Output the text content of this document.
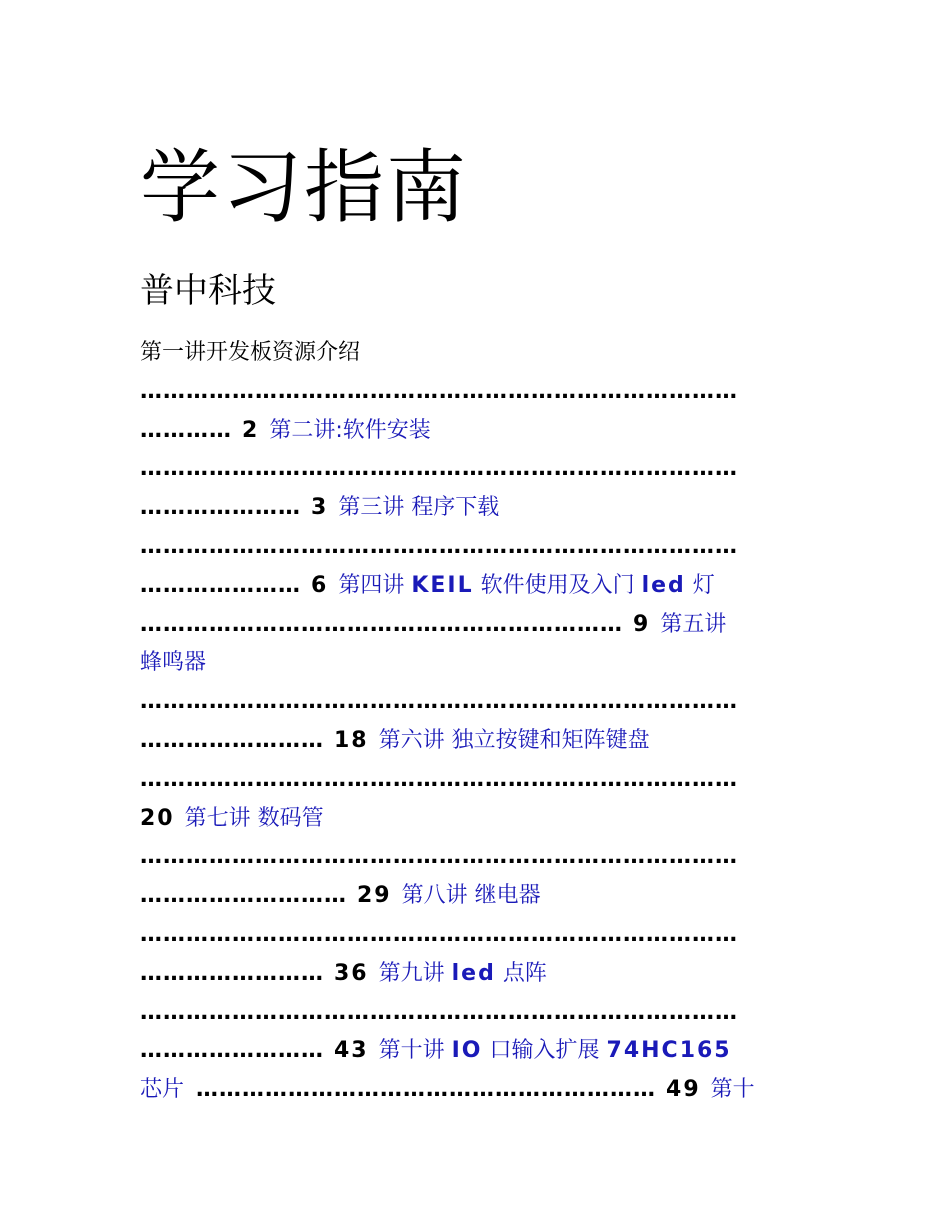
学习指南
普中科技
第一讲开发板资源介绍
……………………………………………………………………
………… 2 第二讲:软件安装
……………………………………………………………………
………………… 3 第三讲 程序下载
……………………………………………………………………
………………… 6 第四讲 KEIL 软件使用及入门 led 灯
……………………………………………………… 9 第五讲
蜂鸣器
……………………………………………………………………
…………………… 18 第六讲 独立按键和矩阵键盘
……………………………………………………………………
20 第七讲 数码管
……………………………………………………………………
……………………… 29 第八讲 继电器
……………………………………………………………………
…………………… 36 第九讲 led 点阵
……………………………………………………………………
…………………… 43 第十讲 IO 口输入扩展 74HC165
芯片 …………………………………………………… 49 第十
